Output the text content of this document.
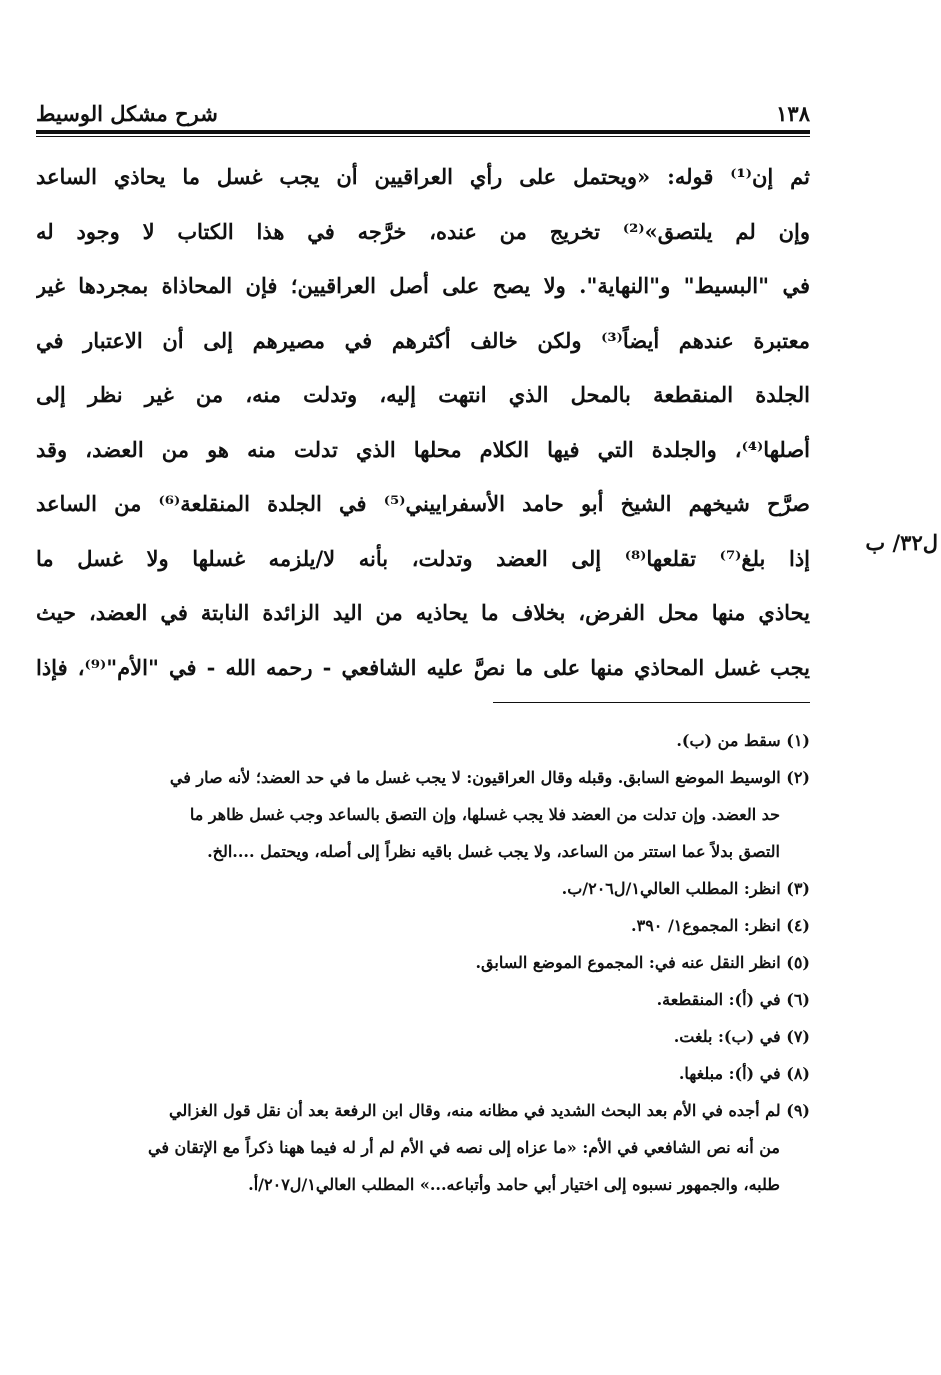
١٣٨
شرح مشكل الوسيط
ثم إن⁽¹⁾ قوله: «ويحتمل على رأي العراقيين أن يجب غسل ما يحاذي الساعد
وإن لم يلتصق»⁽²⁾ تخريج من عنده، خرَّجه في هذا الكتاب لا وجود له
في "البسيط" و"النهاية". ولا يصح على أصل العراقيين؛ فإن المحاذاة بمجردها غير
معتبرة عندهم أيضاً⁽³⁾ ولكن خالف أكثرهم في مصيرهم إلى أن الاعتبار في
الجلدة المنقطعة بالمحل الذي انتهت إليه، وتدلت منه، من غير نظر إلى
أصلها⁽⁴⁾، والجلدة التي فيها الكلام محلها الذي تدلت منه هو من العضد، وقد
صرَّح شيخهم الشيخ أبو حامد الأسفراييني⁽⁵⁾ في الجلدة المنقلعة⁽⁶⁾ من الساعد
إذا بلغ⁽⁷⁾ تقلعها⁽⁸⁾ إلى العضد وتدلت، بأنه لا/يلزمه غسلها ولا غسل ما
يحاذي منها محل الفرض، بخلاف ما يحاذيه من اليد الزائدة النابتة في العضد، حيث
يجب غسل المحاذي منها على ما نصَّ عليه الشافعي - رحمه الله - في "الأم"⁽⁹⁾، فإذا
ل٣٢/ ب
(١) سقط من (ب).
(٢) الوسيط الموضع السابق. وقبله وقال العراقيون: لا يجب غسل ما في حد العضد؛ لأنه صار في
حد العضد. وإن تدلت من العضد فلا يجب غسلها، وإن التصق بالساعد وجب غسل ظاهر ما
التصق بدلاً عما استتر من الساعد، ولا يجب غسل باقيه نظراً إلى أصله، ويحتمل ....الخ.
(٣) انظر: المطلب العالي١/ل٢٠٦/ب.
(٤) انظر: المجموع١/ ٣٩٠.
(٥) انظر النقل عنه في: المجموع الموضع السابق.
(٦) في (أ): المنقطعة.
(٧) في (ب): بلغت.
(٨) في (أ): مبلغها.
(٩) لم أجده في الأم بعد البحث الشديد في مظانه منه، وقال ابن الرفعة بعد أن نقل قول الغزالي
من أنه نص الشافعي في الأم: «ما عزاه إلى نصه في الأم لم أر له فيما ههنا ذكراً مع الإتقان في
طلبه، والجمهور نسبوه إلى اختيار أبي حامد وأتباعه...» المطلب العالي١/ل٢٠٧/أ.
